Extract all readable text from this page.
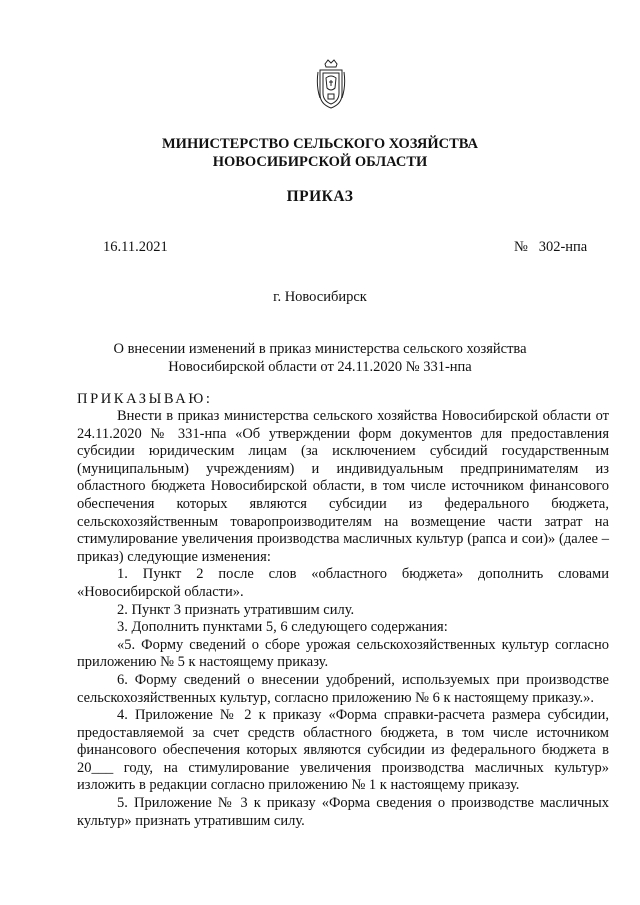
МИНИСТЕРСТВО СЕЛЬСКОГО ХОЗЯЙСТВА
НОВОСИБИРСКОЙ ОБЛАСТИ
ПРИКАЗ
16.11.2021	№   302-нпа
г. Новосибирск
О внесении изменений в приказ министерства сельского хозяйства
Новосибирской области от 24.11.2020 № 331-нпа
ПРИКАЗЫВАЮ:

Внести в приказ министерства сельского хозяйства Новосибирской области от 24.11.2020 № 331-нпа «Об утверждении форм документов для предоставления субсидии юридическим лицам (за исключением субсидий государственным (муниципальным) учреждениям) и индивидуальным предпринимателям из областного бюджета Новосибирской области, в том числе источником финансового обеспечения которых являются субсидии из федерального бюджета, сельскохозяйственным товаропроизводителям на возмещение части затрат на стимулирование увеличения производства масличных культур (рапса и сои)» (далее – приказ) следующие изменения:

1. Пункт 2 после слов «областного бюджета» дополнить словами «Новосибирской области».

2. Пункт 3 признать утратившим силу.

3. Дополнить пунктами 5, 6 следующего содержания:

«5. Форму сведений о сборе урожая сельскохозяйственных культур согласно приложению № 5 к настоящему приказу.

6. Форму сведений о внесении удобрений, используемых при производстве сельскохозяйственных культур, согласно приложению № 6 к настоящему приказу.».

4. Приложение № 2 к приказу «Форма справки-расчета размера субсидии, предоставляемой за счет средств областного бюджета, в том числе источником финансового обеспечения которых являются субсидии из федерального бюджета в 20___ году, на стимулирование увеличения производства масличных культур» изложить в редакции согласно приложению № 1 к настоящему приказу.

5. Приложение № 3 к приказу «Форма сведения о производстве масличных культур» признать утратившим силу.
